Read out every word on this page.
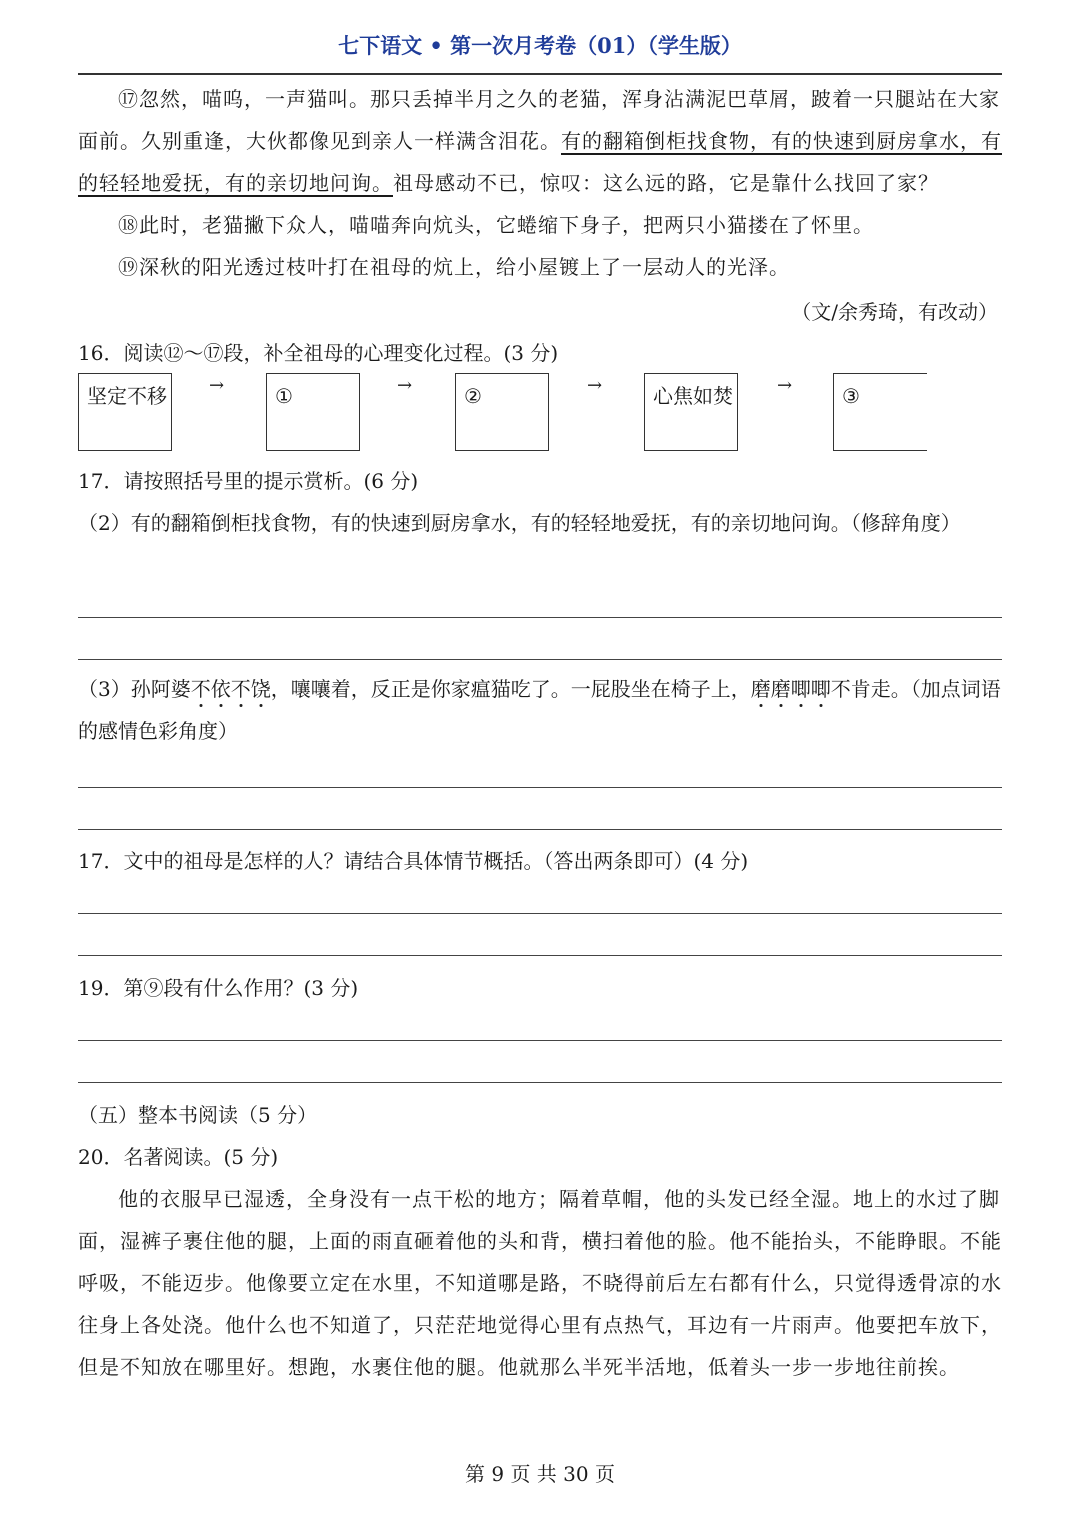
七下语文 • 第一次月考卷（01）（学生版）
⑰忽然，喵呜，一声猫叫。那只丢掉半月之久的老猫，浑身沾满泥巴草屑，跛着一只腿站在大家面前。久别重逢，大伙都像见到亲人一样满含泪花。有的翻箱倒柜找食物，有的快速到厨房拿水，有的轻轻地爱抚，有的亲切地问询。祖母感动不已，惊叹：这么远的路，它是靠什么找回了家？
⑱此时，老猫撇下众人，喵喵奔向炕头，它蜷缩下身子，把两只小猫搂在了怀里。
⑲深秋的阳光透过枝叶打在祖母的炕上，给小屋镀上了一层动人的光泽。
（文/余秀琦，有改动）
16．阅读⑫～⑰段，补全祖母的心理变化过程。(3 分)
坚定不移 →	①	→	②	→	心焦如焚 →	③
17．请按照括号里的提示赏析。(6 分)
（2）有的翻箱倒柜找食物，有的快速到厨房拿水，有的轻轻地爱抚，有的亲切地问询。（修辞角度）
（3）孙阿婆不依不饶，嚷嚷着，反正是你家瘟猫吃了。一屁股坐在椅子上，磨磨唧唧不肯走。（加点词语的感情色彩角度）
17．文中的祖母是怎样的人？请结合具体情节概括。（答出两条即可）(4 分)
19．第⑨段有什么作用？(3 分)
（五）整本书阅读（5 分）
20．名著阅读。(5 分)
他的衣服早已湿透，全身没有一点干松的地方；隔着草帽，他的头发已经全湿。地上的水过了脚面，湿裤子裹住他的腿，上面的雨直砸着他的头和背，横扫着他的脸。他不能抬头，不能睁眼。不能呼吸，不能迈步。他像要立定在水里，不知道哪是路，不晓得前后左右都有什么，只觉得透骨凉的水往身上各处浇。他什么也不知道了，只茫茫地觉得心里有点热气，耳边有一片雨声。他要把车放下，但是不知放在哪里好。想跑，水裹住他的腿。他就那么半死半活地，低着头一步一步地往前挨。
第 9 页 共 30 页
